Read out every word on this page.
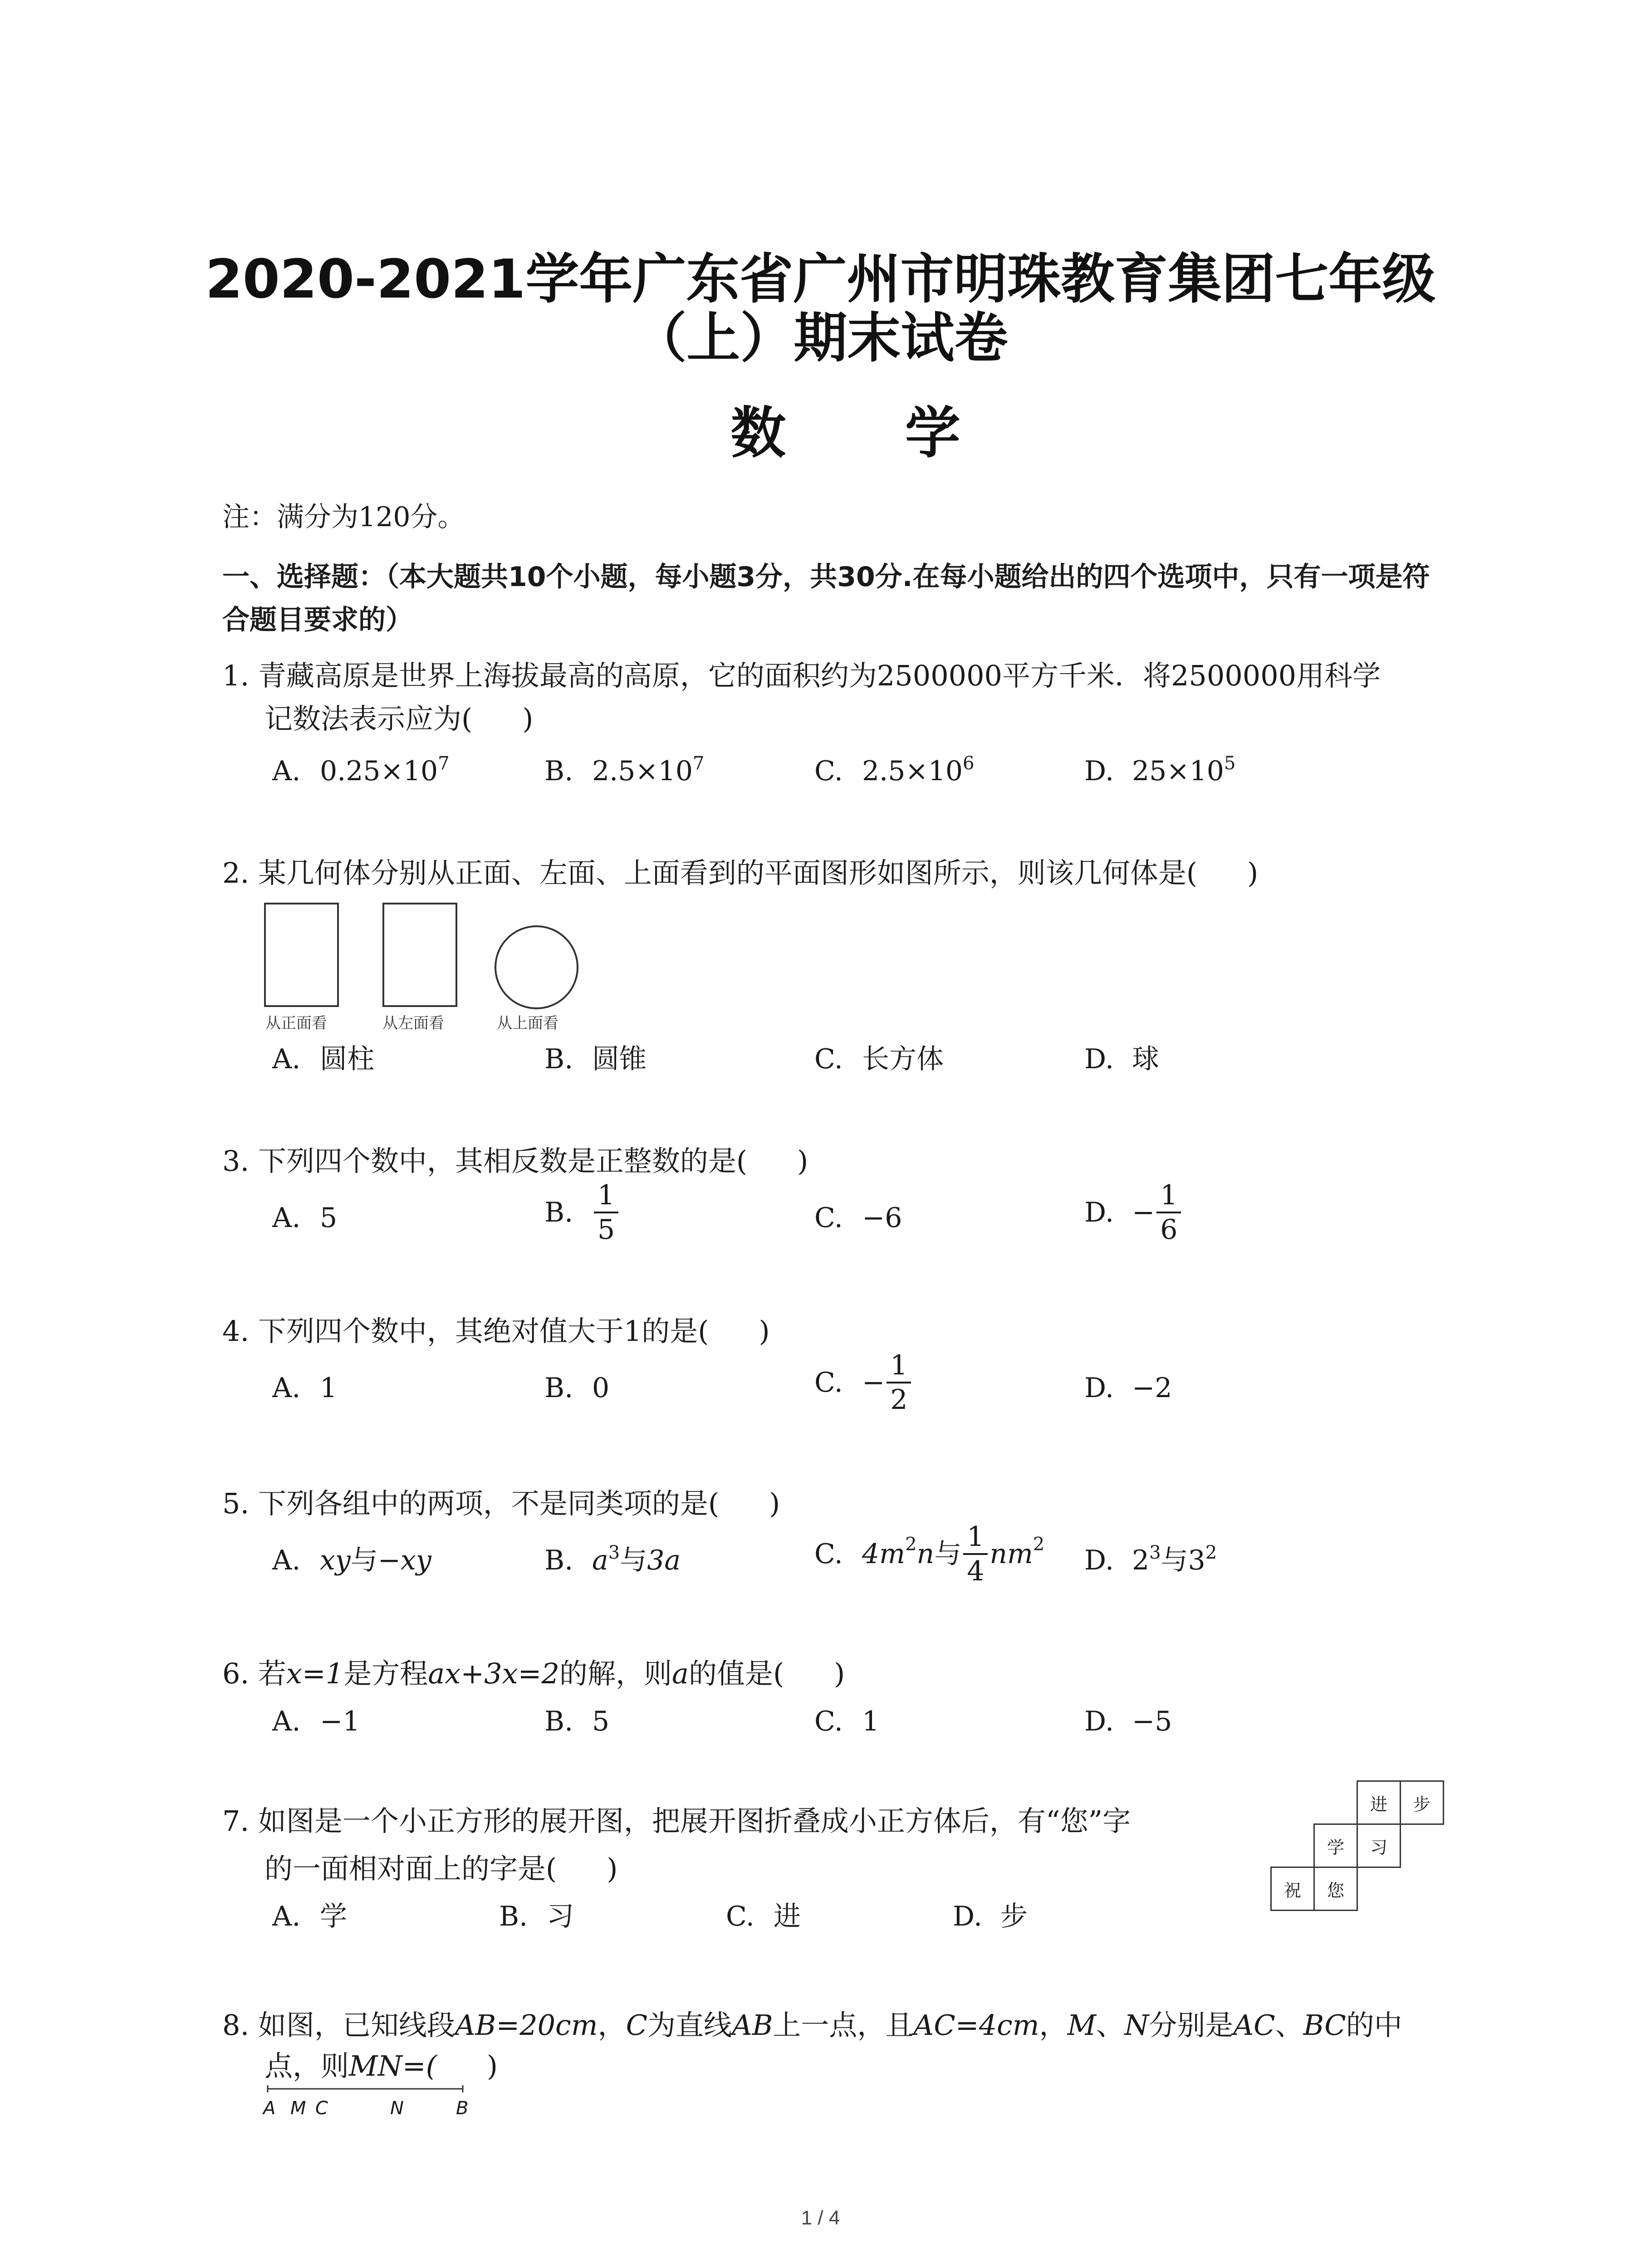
2020-2021学年广东省广州市明珠教育集团七年级
（上）期末试卷
数 学
注：满分为120分。

一、选择题：（本大题共10个小题，每小题3分，共30分.在每小题给出的四个选项中，只有一项是符合题目要求的）

1. 青藏高原是世界上海拔最高的高原，它的面积约为2500000平方千米．将2500000用科学
记数法表示应为( )
A. $0.25\times 10^7$	B. $2.5\times 10^7$	C. $2.5\times 10^6$	D. $25\times 10^5$
2. 某几何体分别从正面、左面、上面看到的平面图形如图所示，则该几何体是( )
从正面看	从左面看	从上面看
A. 圆柱	B. 圆锥	C. 长方体	D. 球
3. 下列四个数中，其相反数是正整数的是( )
A. 5	B. $\frac{1}{5}$	C. −6	D. − $\frac{1}{6}$
4. 下列四个数中，其绝对值大于1的是( )
A. 1	B. 0	C. − $\frac{1}{2}$	D. −2
5. 下列各组中的两项，不是同类项的是( )
A. xy与−xy	B. $a^3$与3a	C. $4m^2n$与 $\frac{1}{4} nm^2$
D. $2^3$与$3^2$
6. 若x=1是方程ax+3x=2的解，则a的值是( )
A. −1	B. 5	C. 1	D. −5
7. 如图是一个小正方形的展开图，把展开图折叠成小正方体后，有“您”字
的一面相对面上的字是( )
A. 学	B. 习	C. 进	D. 步
进	步
学	习
祝	您
8. 如图，已知线段AB=20cm，C为直线AB上一点，且AC=4cm，M、N分别是AC、BC的中
点，则MN=( )
A M C	N	B
1 / 4
